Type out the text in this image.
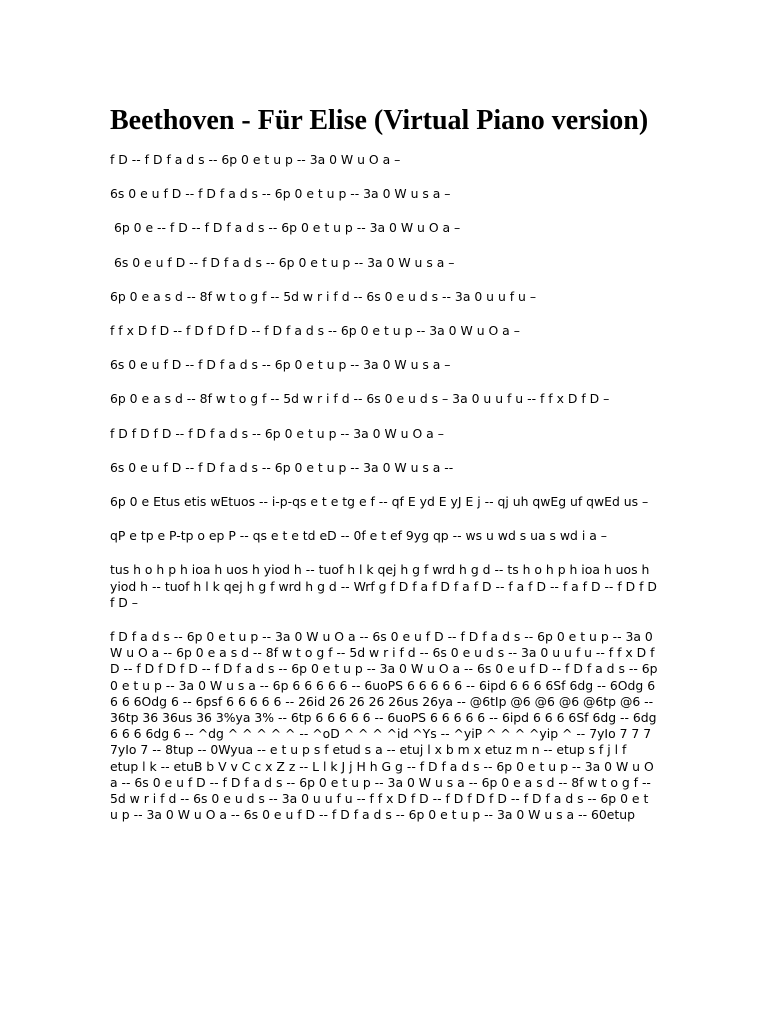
Beethoven - Für Elise (Virtual Piano version)

f D -- f D f a d s -- 6p 0 e t u p -- 3a 0 W u O a –

6s 0 e u f D -- f D f a d s -- 6p 0 e t u p -- 3a 0 W u s a –

6p 0 e -- f D -- f D f a d s -- 6p 0 e t u p -- 3a 0 W u O a –

6s 0 e u f D -- f D f a d s -- 6p 0 e t u p -- 3a 0 W u s a –

6p 0 e a s d -- 8f w t o g f -- 5d w r i f d -- 6s 0 e u d s -- 3a 0 u u f u –

f f x D f D -- f D f D f D -- f D f a d s -- 6p 0 e t u p -- 3a 0 W u O a –

6s 0 e u f D -- f D f a d s -- 6p 0 e t u p -- 3a 0 W u s a –

6p 0 e a s d -- 8f w t o g f -- 5d w r i f d -- 6s 0 e u d s – 3a 0 u u f u -- f f x D f D –

f D f D f D -- f D f a d s -- 6p 0 e t u p -- 3a 0 W u O a –

6s 0 e u f D -- f D f a d s -- 6p 0 e t u p -- 3a 0 W u s a --

6p 0 e Etus etis wEtuos -- i-p-qs e t e tg e f -- qf E yd E yJ E j -- qj uh qwEg uf qwEd us –

qP e tp e P-tp o ep P -- qs e t e td eD -- 0f e t ef 9yg qp -- ws u wd s ua s wd i a –

tus h o h p h ioa h uos h yiod h -- tuof h l k qej h g f wrd h g d -- ts h o h p h ioa h uos h yiod h -- tuof h l k qej h g f wrd h g d -- Wrf g f D f a f D f a f D -- f a f D -- f a f D -- f D f D f D –

f D f a d s -- 6p 0 e t u p -- 3a 0 W u O a -- 6s 0 e u f D -- f D f a d s -- 6p 0 e t u p -- 3a 0 W u O a -- 6p 0 e a s d -- 8f w t o g f -- 5d w r i f d -- 6s 0 e u d s -- 3a 0 u u f u -- f f x D f D -- f D f D f D -- f D f a d s -- 6p 0 e t u p -- 3a 0 W u O a -- 6s 0 e u f D -- f D f a d s -- 6p 0 e t u p -- 3a 0 W u s a -- 6p 6 6 6 6 6 -- 6uoPS 6 6 6 6 6 -- 6ipd 6 6 6 6Sf 6dg -- 6Odg 6 6 6 6Odg 6 -- 6psf 6 6 6 6 6 -- 26id 26 26 26 26us 26ya -- @6tIp @6 @6 @6 @6tp @6 -- 36tp 36 36us 36 3%ya 3% -- 6tp 6 6 6 6 6 -- 6uoPS 6 6 6 6 6 -- 6ipd 6 6 6 6Sf 6dg -- 6dg 6 6 6 6dg 6 -- ^dg ^ ^ ^ ^ ^ -- ^oD ^ ^ ^ ^id ^Ys -- ^yiP ^ ^ ^ ^yip ^ -- 7yIo 7 7 7 7yIo 7 -- 8tup -- 0Wyua -- e t u p s f etud s a -- etuj l x b m x etuz m n -- etup s f j l f etup l k -- etuB b V v C c x Z z -- L l k J j H h G g -- f D f a d s -- 6p 0 e t u p -- 3a 0 W u O a -- 6s 0 e u f D -- f D f a d s -- 6p 0 e t u p -- 3a 0 W u s a -- 6p 0 e a s d -- 8f w t o g f -- 5d w r i f d -- 6s 0 e u d s -- 3a 0 u u f u -- f f x D f D -- f D f D f D -- f D f a d s -- 6p 0 e t u p -- 3a 0 W u O a -- 6s 0 e u f D -- f D f a d s -- 6p 0 e t u p -- 3a 0 W u s a -- 60etup
